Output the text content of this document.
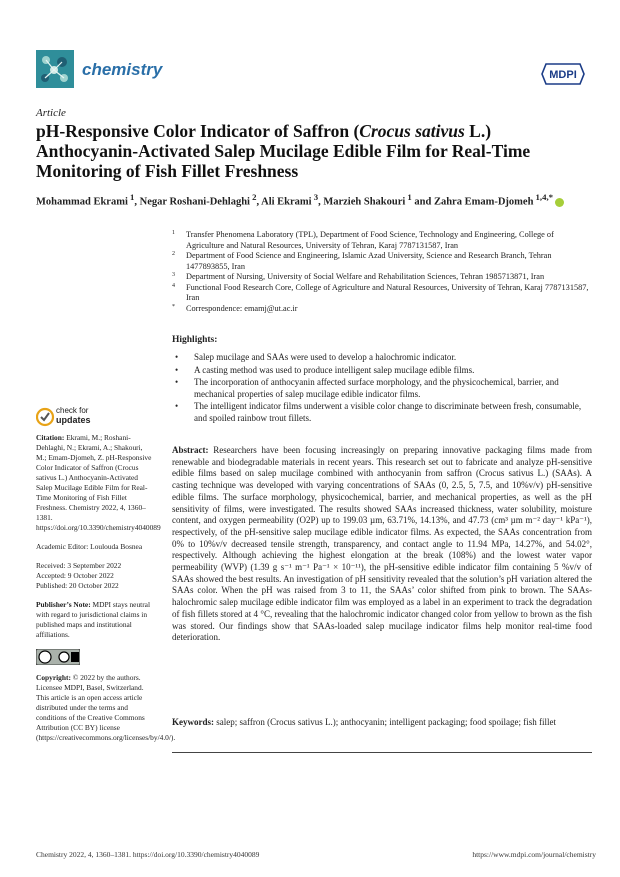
chemistry	MDPI
Article
pH-Responsive Color Indicator of Saffron (Crocus sativus L.) Anthocyanin-Activated Salep Mucilage Edible Film for Real-Time Monitoring of Fish Fillet Freshness
Mohammad Ekrami  $^1$, Negar Roshani-Dehlaghi  $^2$, Ali Ekrami  $^3$, Marzieh Shakouri  $^1$ and Zahra Emam-Djomeh  $^{1,4,*}$
1 Transfer Phenomena Laboratory (TPL), Department of Food Science, Technology and Engineering, College of Agriculture and Natural Resources, University of Tehran, Karaj 7787131587, Iran
2 Department of Food Science and Engineering, Islamic Azad University, Science and Research Branch, Tehran 1477893855, Iran
3 Department of Nursing, University of Social Welfare and Rehabilitation Sciences, Tehran 1985713871, Iran
4 Functional Food Research Core, College of Agriculture and Natural Resources, University of Tehran, Karaj 7787131587, Iran
* Correspondence: emamj@ut.ac.ir
Highlights:
• Salep mucilage and SAAs were used to develop a halochromic indicator.
• A casting method was used to produce intelligent salep mucilage edible films.
• The incorporation of anthocyanin affected surface morphology, and the physicochemical, barrier, and mechanical properties of salep mucilage edible indicator films.
• The intelligent indicator films underwent a visible color change to discriminate between fresh, consumable, and spoiled rainbow trout fillets.
check for
updates

Citation: Ekrami, M.; Roshani-Dehlaghi, N.; Ekrami, A.; Shakouri, M.; Emam-Djomeh, Z. pH-Responsive Color Indicator of Saffron (Crocus sativus L.) Anthocyanin-Activated Salep Mucilage Edible Film for Real-Time Monitoring of Fish Fillet Freshness. Chemistry 2022, 4, 1360–1381. https://doi.org/10.3390/chemistry4040089

Academic Editor: Loulouda Bosnea

Received: 3 September 2022
Accepted: 9 October 2022
Published: 20 October 2022

Publisher’s Note: MDPI stays neutral with regard to jurisdictional claims in published maps and institutional affiliations.

Copyright: © 2022 by the authors. Licensee MDPI, Basel, Switzerland. This article is an open access article distributed under the terms and conditions of the Creative Commons Attribution (CC BY) license (https://creativecommons.org/licenses/by/4.0/).

Abstract: Researchers have been focusing increasingly on preparing innovative packaging films made from renewable and biodegradable materials in recent years. This research set out to fabricate and analyze pH-sensitive edible films based on salep mucilage combined with anthocyanin from saffron (Crocus sativus L.) (SAAs). A casting technique was developed with varying concentrations of SAAs (0, 2.5, 5, 7.5, and 10%v/v) pH-sensitive edible films. The surface morphology, physicochemical, barrier, and mechanical properties, as well as the pH sensitivity of films, were investigated. The results showed SAAs increased thickness, water solubility, moisture content, and oxygen permeability (O2P) up to 199.03 µm, 63.71%, 14.13%, and 47.73 (cm³ µm m⁻² day⁻¹ kPa⁻¹), respectively, of the pH-sensitive salep mucilage edible indicator films. As expected, the SAAs concentration from 0% to 10%v/v decreased tensile strength, transparency, and contact angle to 11.94 MPa, 14.27%, and 54.02°, respectively. Although achieving the highest elongation at the break (108%) and the lowest water vapor permeability (WVP) (1.39 g s⁻¹ m⁻¹ Pa⁻¹ × 10⁻¹¹), the pH-sensitive edible indicator film containing 5 %v/v of SAAs showed the best results. An investigation of pH sensitivity revealed that the solution’s pH variation altered the SAAs color. When the pH was raised from 3 to 11, the SAAs’ color shifted from pink to brown. The SAAs-halochromic salep mucilage edible indicator film was employed as a label in an experiment to track the degradation of fish fillets stored at 4 °C, revealing that the halochromic indicator changed color from yellow to brown as the fish was stored. Our findings show that SAAs-loaded salep mucilage indicator films help monitor real-time food deterioration.

Keywords: salep; saffron (Crocus sativus L.); anthocyanin; intelligent packaging; food spoilage; fish fillet

Chemistry 2022, 4, 1360–1381. https://doi.org/10.3390/chemistry4040089	https://www.mdpi.com/journal/chemistry
